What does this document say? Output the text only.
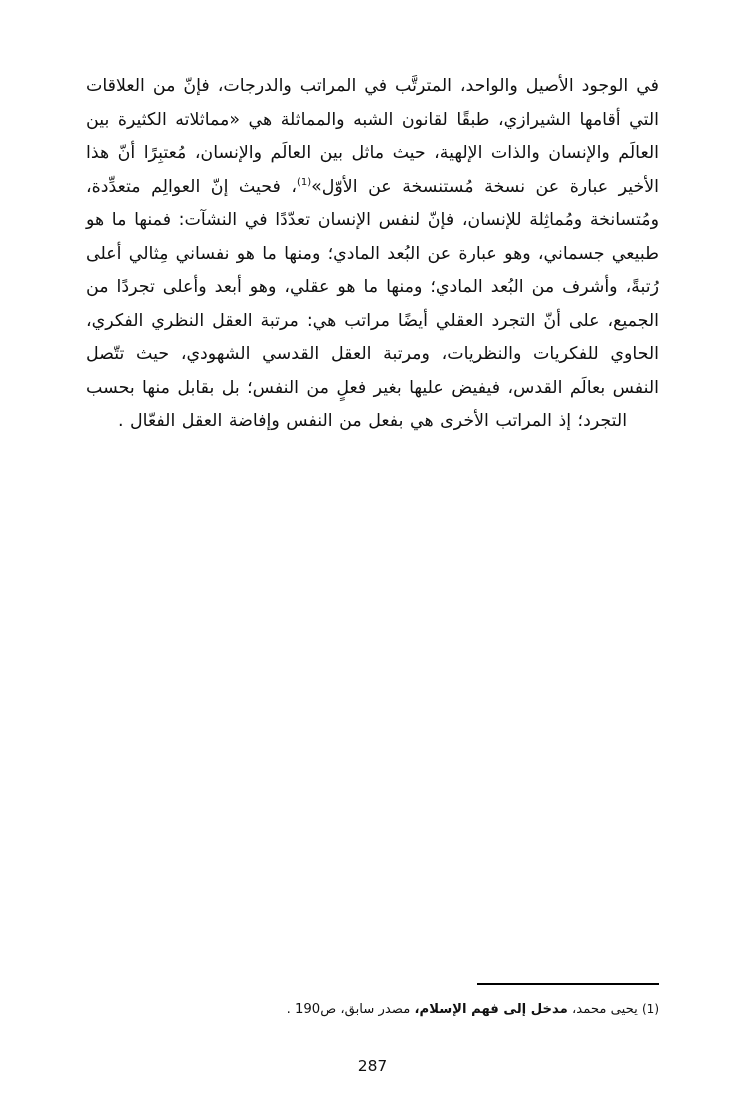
في الوجود الأصيل والواحد، المترتَّب في المراتب والدرجات، فإنّ من العلاقات التي أقامها الشيرازي، طبقًا لقانون الشبه والمماثلة هي «مماثلاته الكثيرة بين العالَم والإنسان والذات الإلهية، حيث ماثل بين العالَم والإنسان، مُعتبِرًا أنّ هذا الأخير عبارة عن نسخة مُستنسخة عن الأوّل»$^{(1)}$، فحيث إنّ العوالِم متعدِّدة، ومُتسانخة ومُماثِلة للإنسان، فإنّ لنفس الإنسان تعدّدًا في النشآت: فمنها ما هو طبيعي جسماني، وهو عبارة عن البُعد المادي؛ ومنها ما هو نفساني مِثالي أعلى رُتبةً، وأشرف من البُعد المادي؛ ومنها ما هو عقلي، وهو أبعد وأعلى تجردًا من الجميع، على أنّ التجرد العقلي أيضًا مراتب هي: مرتبة العقل النظري الفكري، الحاوي للفكريات والنظريات، ومرتبة العقل القدسي الشهودي، حيث تتّصل النفس بعالَم القدس، فيفيض عليها بغير فعلٍ من النفس؛ بل بقابل منها بحسب التجرد؛ إذ المراتب الأخرى هي بفعل من النفس وإفاضة العقل الفعّال .

(1) يحيى محمد، مدخل إلى فهم الإسلام، مصدر سابق، ص190 .
287
